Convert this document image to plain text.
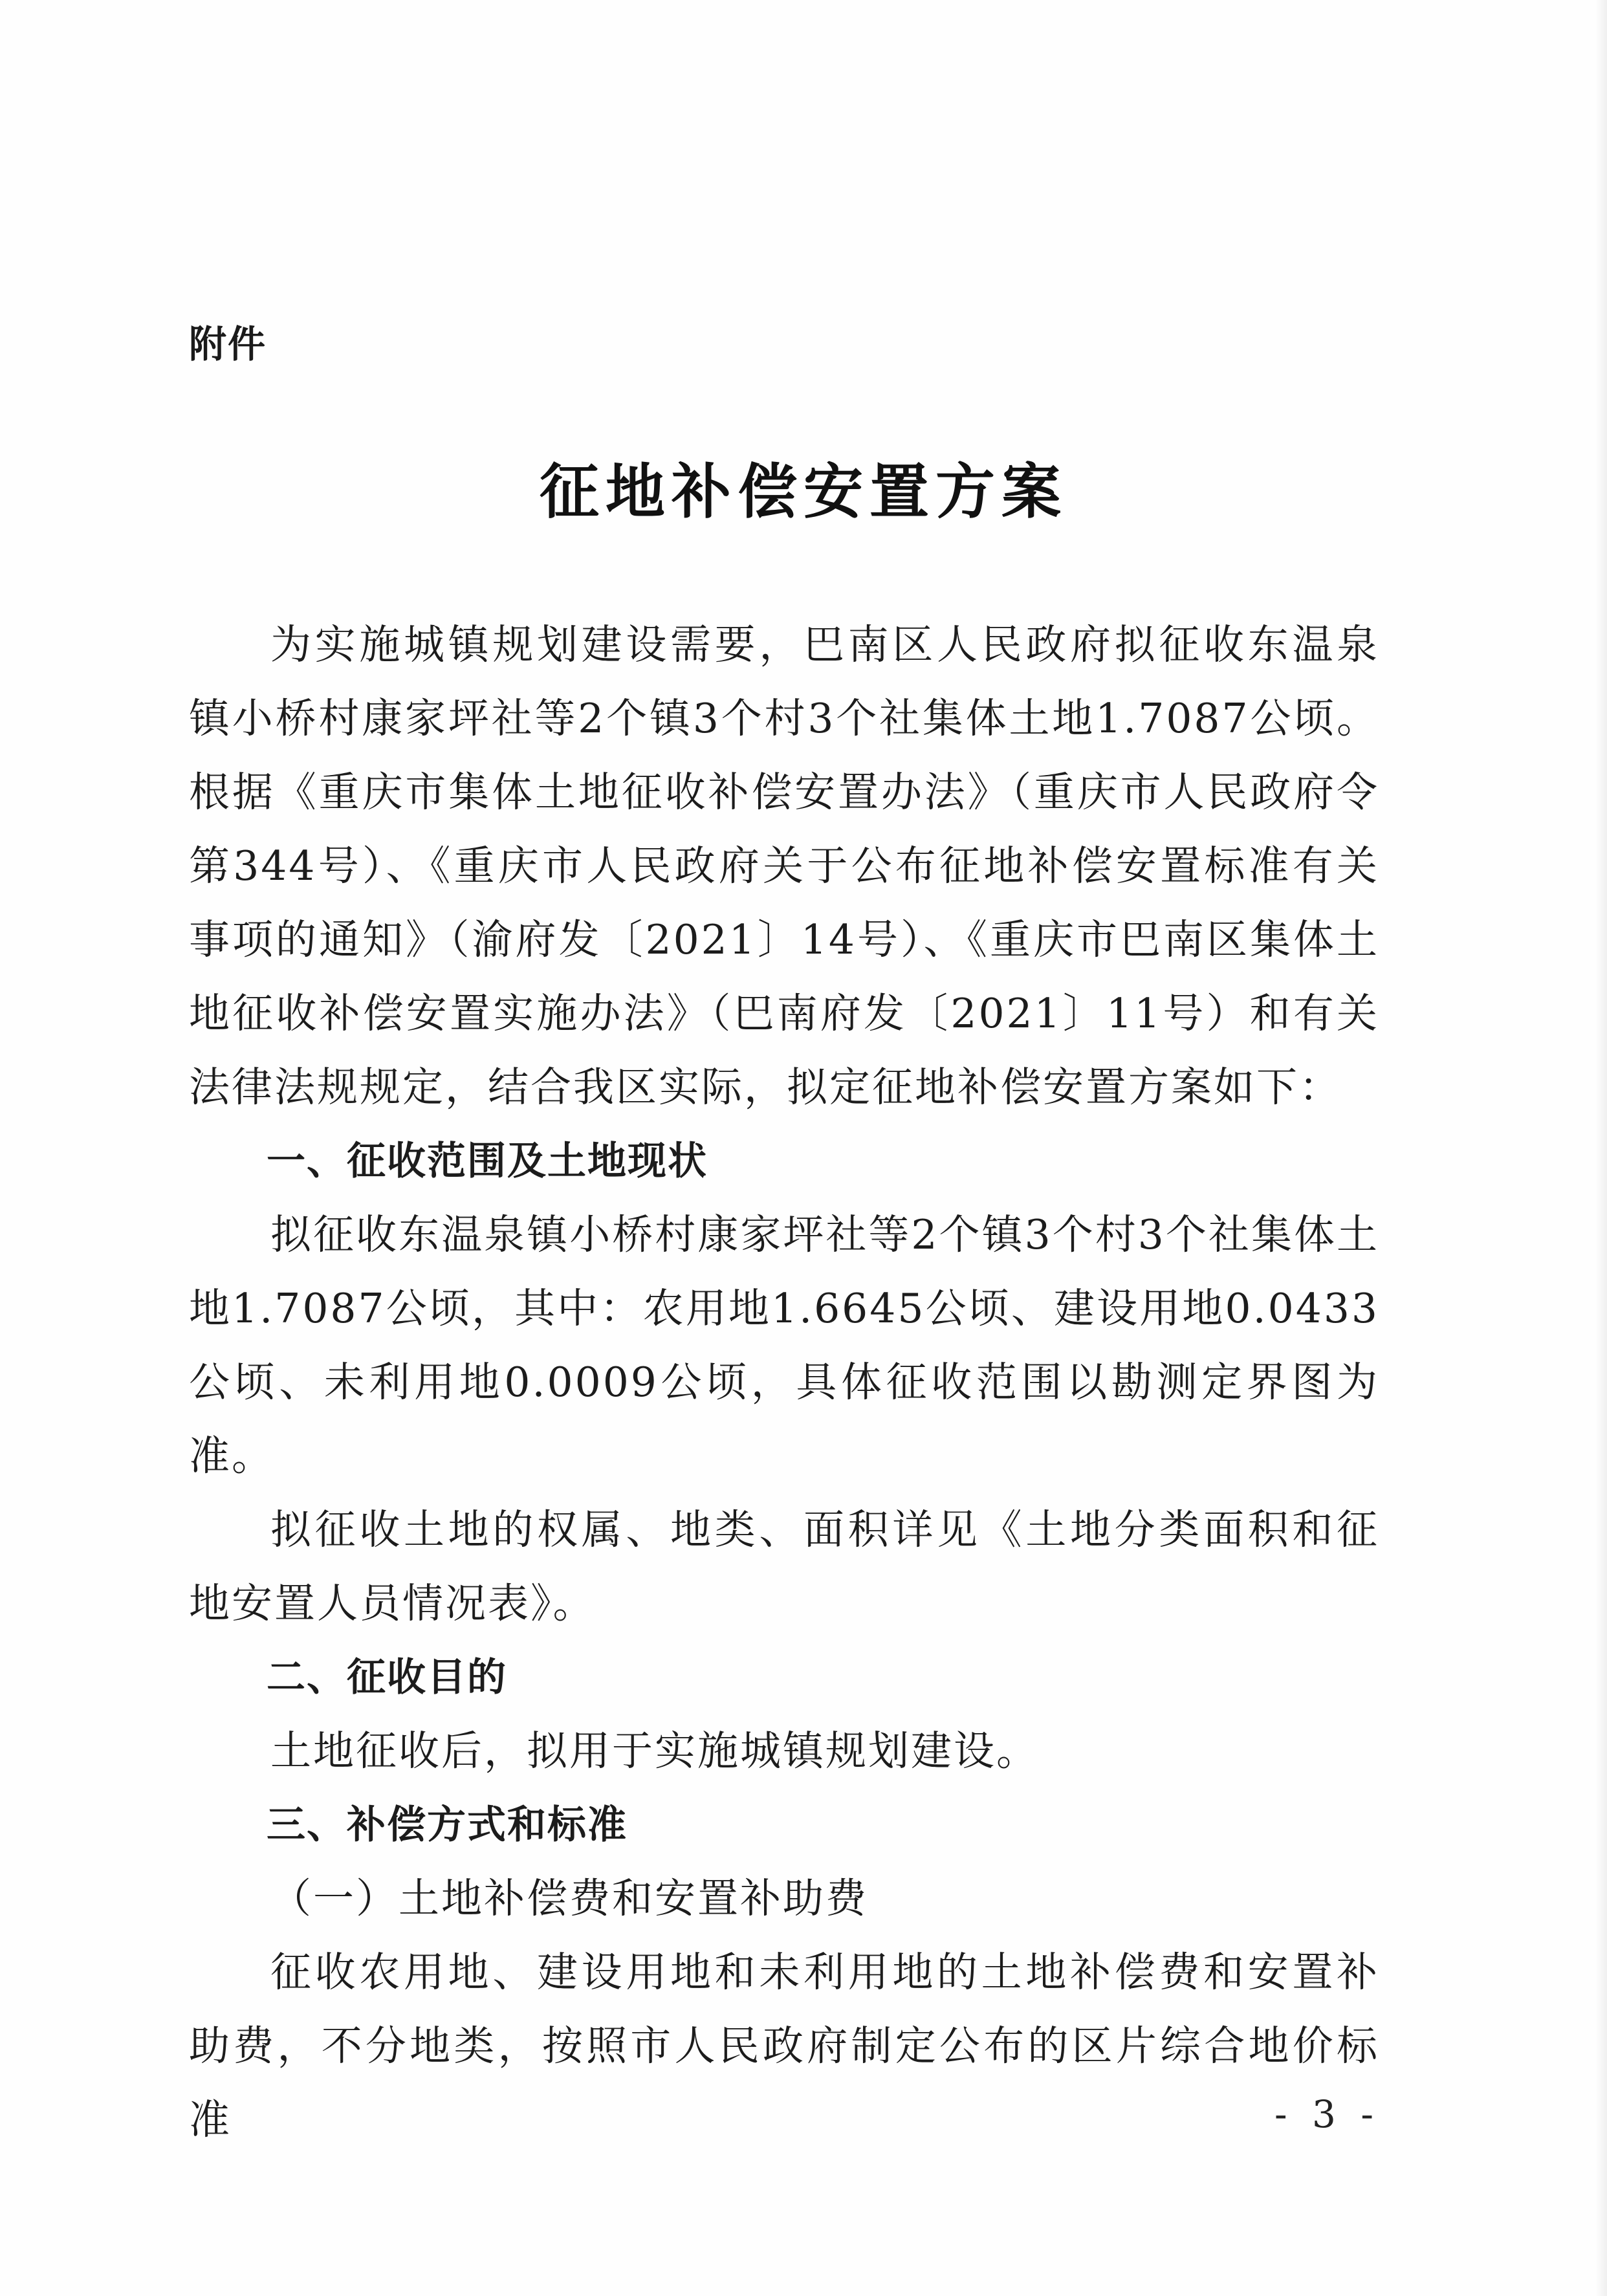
附件
征地补偿安置方案

为实施城镇规划建设需要，巴南区人民政府拟征收东温泉镇小桥村康家坪社等2个镇3个村3个社集体土地1.7087公顷。根据《重庆市集体土地征收补偿安置办法》（重庆市人民政府令第344号）、《重庆市人民政府关于公布征地补偿安置标准有关事项的通知》（渝府发〔2021〕14号）、《重庆市巴南区集体土地征收补偿安置实施办法》（巴南府发〔2021〕11号）和有关法律法规规定，结合我区实际，拟定征地补偿安置方案如下：

一、征收范围及土地现状

拟征收东温泉镇小桥村康家坪社等2个镇3个村3个社集体土地1.7087公顷，其中：农用地1.6645公顷、建设用地0.0433公顷、未利用地0.0009公顷，具体征收范围以勘测定界图为准。

拟征收土地的权属、地类、面积详见《土地分类面积和征地安置人员情况表》。

二、征收目的

土地征收后，拟用于实施城镇规划建设。

三、补偿方式和标准

（一）土地补偿费和安置补助费

征收农用地、建设用地和未利用地的土地补偿费和安置补助费，不分地类，按照市人民政府制定公布的区片综合地价标准	- 3 -
